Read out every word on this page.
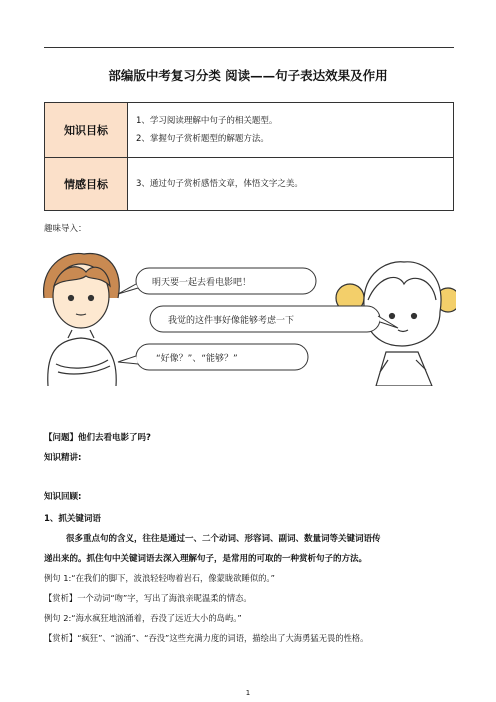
部编版中考复习分类 阅读——句子表达效果及作用
知识目标	1、学习阅读理解中句子的相关题型。
2、掌握句子赏析题型的解题方法。

情感目标	3、通过句子赏析感悟文章，体悟文字之美。
趣味导入：
明天要一起去看电影吧！
我觉的这件事好像能够考虑一下
“好像？”、“能够？”
【问题】他们去看电影了吗?
知识精讲:
知识回顾:
1、抓关键词语
很多重点句的含义，往往是通过一、二个动词、形容词、副词、数量词等关键词语传
递出来的。抓住句中关键词语去深入理解句子，是常用的可取的一种赏析句子的方法。
例句 1:“在我们的脚下，波浪轻轻吻着岩石，像蒙眬欲睡似的。”
【赏析】一个动词“吻”字，写出了海浪亲昵温柔的情态。
例句 2:“海水疯狂地汹涌着，吞没了远近大小的岛屿。”
【赏析】“疯狂”、“汹涌”、“吞没”这些充满力度的词语，描绘出了大海勇猛无畏的性格。
1
